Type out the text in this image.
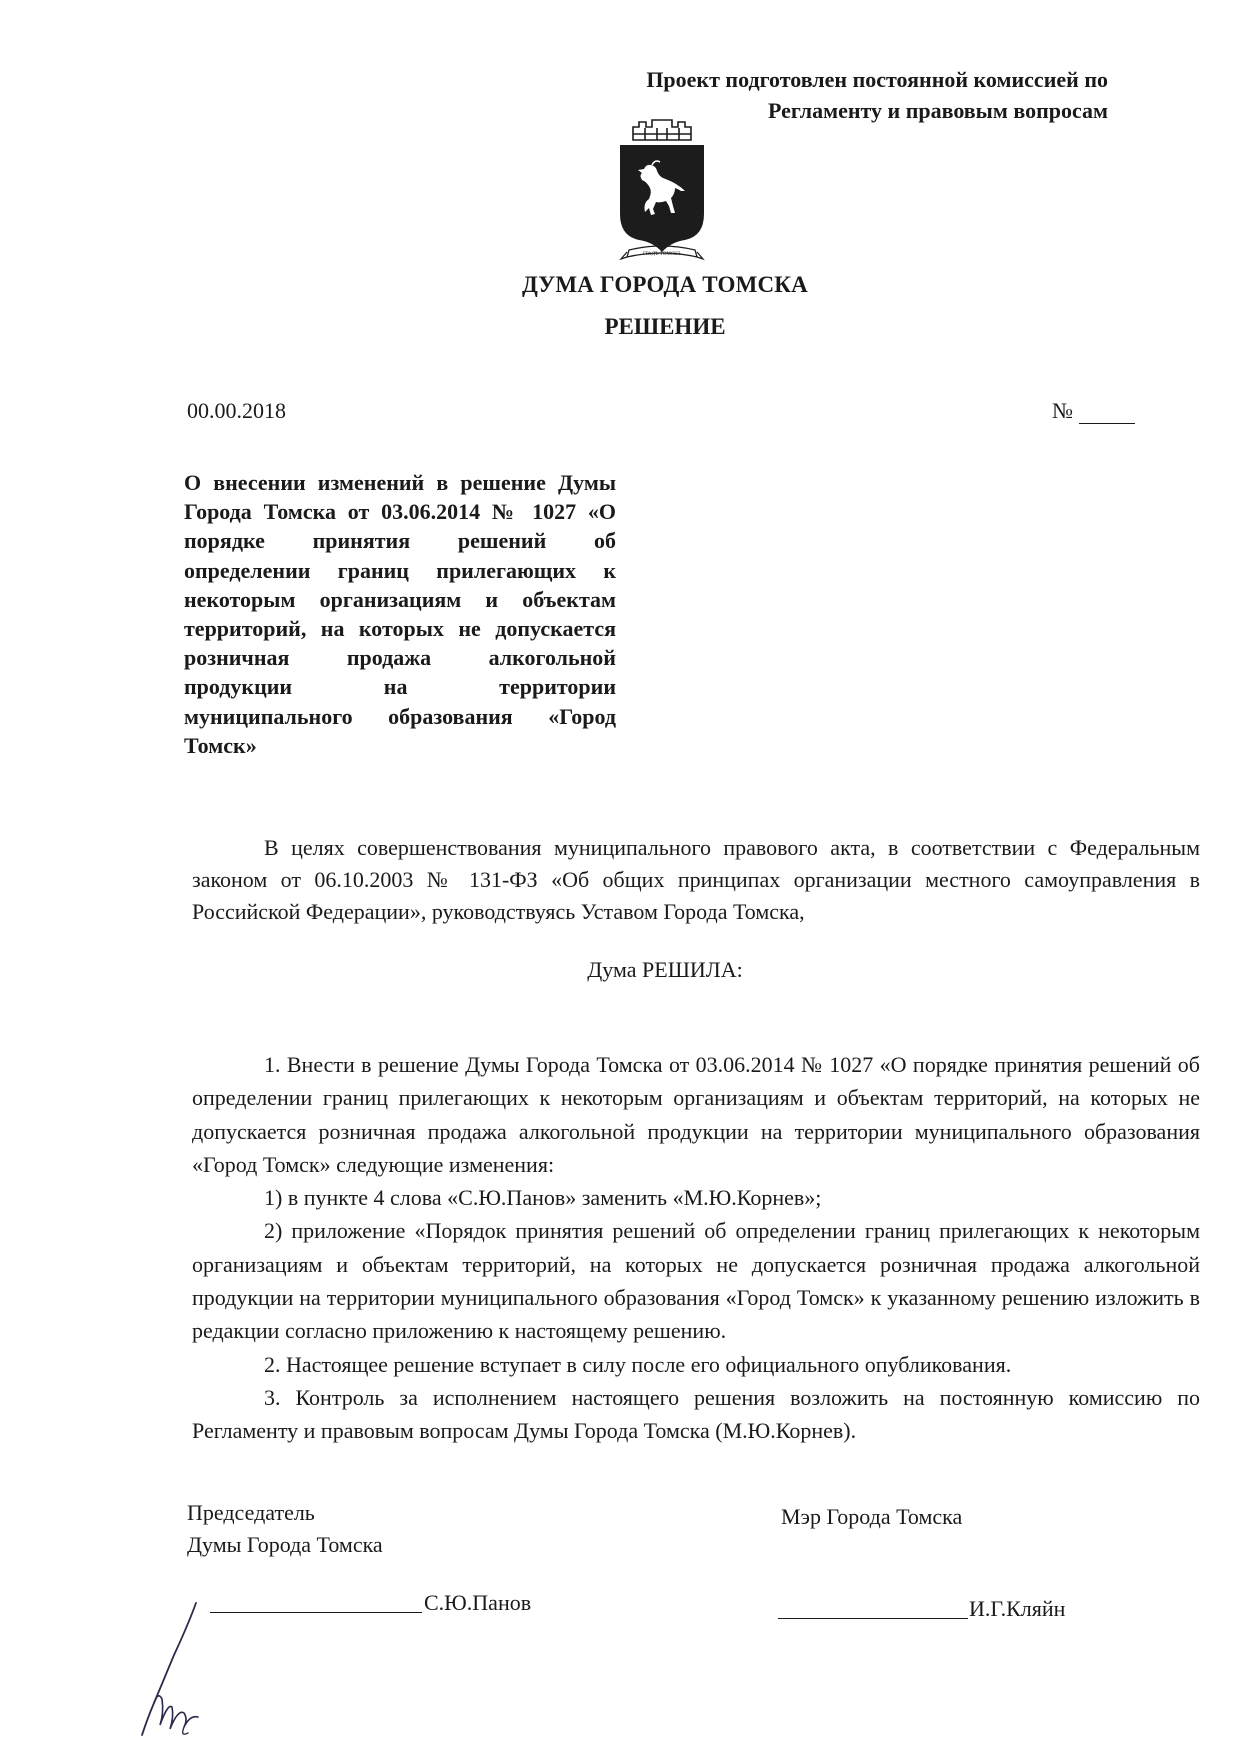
Проект подготовлен постоянной комиссией по
Регламенту и правовым вопросам
ГРАДЪ ТОМСКЪ
ДУМА ГОРОДА ТОМСКА
РЕШЕНИЕ
00.00.2018	№
О внесении изменений в решение Думы Города Томска от 03.06.2014 № 1027 «О порядке принятия решений об определении границ прилегающих к некоторым организациям и объектам территорий, на которых не допускается розничная продажа алкогольной продукции на территории муниципального образования «Город Томск»
В целях совершенствования муниципального правового акта, в соответствии с Федеральным законом от 06.10.2003 № 131-ФЗ «Об общих принципах организации местного самоуправления в Российской Федерации», руководствуясь Уставом Города Томска,
Дума РЕШИЛА:

1. Внести в решение Думы Города Томска от 03.06.2014 № 1027 «О порядке принятия решений об определении границ прилегающих к некоторым организациям и объектам территорий, на которых не допускается розничная продажа алкогольной продукции на территории муниципального образования «Город Томск» следующие изменения:

1) в пункте 4 слова «С.Ю.Панов» заменить «М.Ю.Корнев»;

2) приложение «Порядок принятия решений об определении границ прилегающих к некоторым организациям и объектам территорий, на которых не допускается розничная продажа алкогольной продукции на территории муниципального образования «Город Томск» к указанному решению изложить в редакции согласно приложению к настоящему решению.

2. Настоящее решение вступает в силу после его официального опубликования.

3. Контроль за исполнением настоящего решения возложить на постоянную комиссию по Регламенту и правовым вопросам Думы Города Томска (М.Ю.Корнев).

Председатель
Думы Города Томска
Мэр Города Томска
С.Ю.Панов	И.Г.Кляйн
